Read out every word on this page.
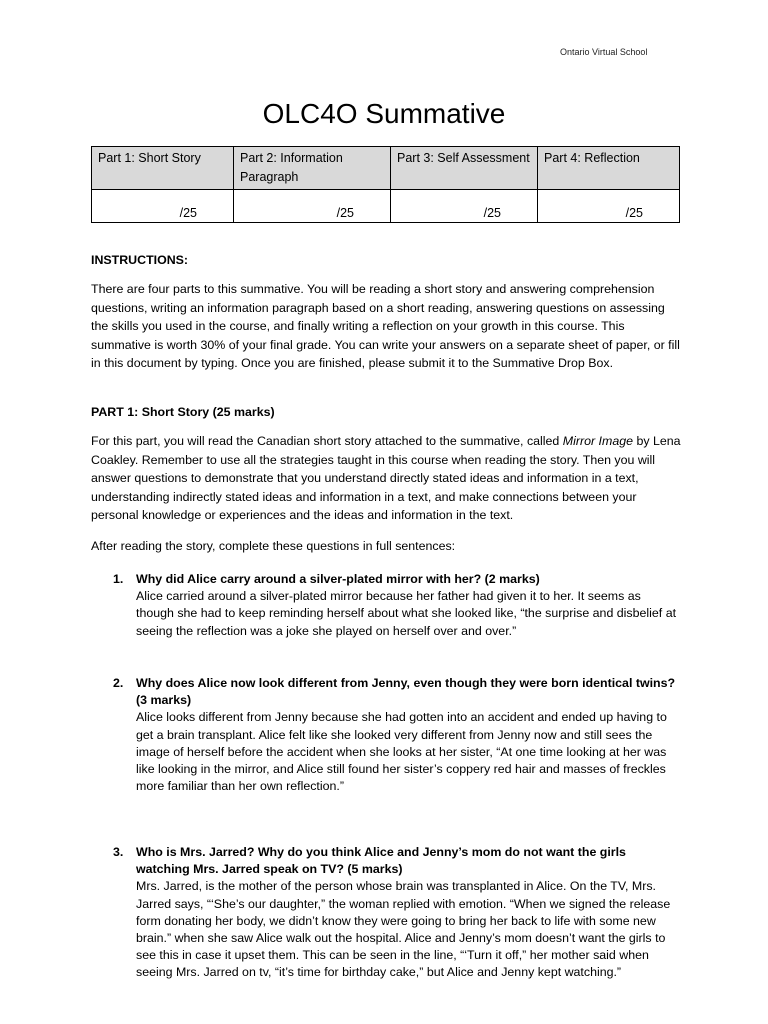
Ontario Virtual School
OLC4O Summative
Part 1: Short Story	Part 2: Information Paragraph	Part 3: Self Assessment	Part 4: Reflection
/25	/25	/25	/25
INSTRUCTIONS:
There are four parts to this summative. You will be reading a short story and answering comprehension questions, writing an information paragraph based on a short reading, answering questions on assessing the skills you used in the course, and finally writing a reflection on your growth in this course. This summative is worth 30% of your final grade. You can write your answers on a separate sheet of paper, or fill in this document by typing. Once you are finished, please submit it to the Summative Drop Box.
PART 1: Short Story (25 marks)
For this part, you will read the Canadian short story attached to the summative, called Mirror Image by Lena Coakley. Remember to use all the strategies taught in this course when reading the story. Then you will answer questions to demonstrate that you understand directly stated ideas and information in a text, understanding indirectly stated ideas and information in a text, and make connections between your personal knowledge or experiences and the ideas and information in the text.
After reading the story, complete these questions in full sentences:
1. Why did Alice carry around a silver-plated mirror with her? (2 marks)
Alice carried around a silver-plated mirror because her father had given it to her. It seems as though she had to keep reminding herself about what she looked like, “the surprise and disbelief at seeing the reflection was a joke she played on herself over and over.”
2. Why does Alice now look different from Jenny, even though they were born identical twins? (3 marks)
Alice looks different from Jenny because she had gotten into an accident and ended up having to get a brain transplant. Alice felt like she looked very different from Jenny now and still sees the image of herself before the accident when she looks at her sister, “At one time looking at her was like looking in the mirror, and Alice still found her sister’s coppery red hair and masses of freckles more familiar than her own reflection.”
3. Who is Mrs. Jarred? Why do you think Alice and Jenny’s mom do not want the girls watching Mrs. Jarred speak on TV? (5 marks)
Mrs. Jarred, is the mother of the person whose brain was transplanted in Alice. On the TV, Mrs. Jarred says, “‘She’s our daughter,” the woman replied with emotion. “When we signed the release form donating her body, we didn’t know they were going to bring her back to life with some new brain.” when she saw Alice walk out the hospital. Alice and Jenny’s mom doesn’t want the girls to see this in case it upset them. This can be seen in the line, “‘Turn it off,” her mother said when seeing Mrs. Jarred on tv, “it’s time for birthday cake,” but Alice and Jenny kept watching.”
